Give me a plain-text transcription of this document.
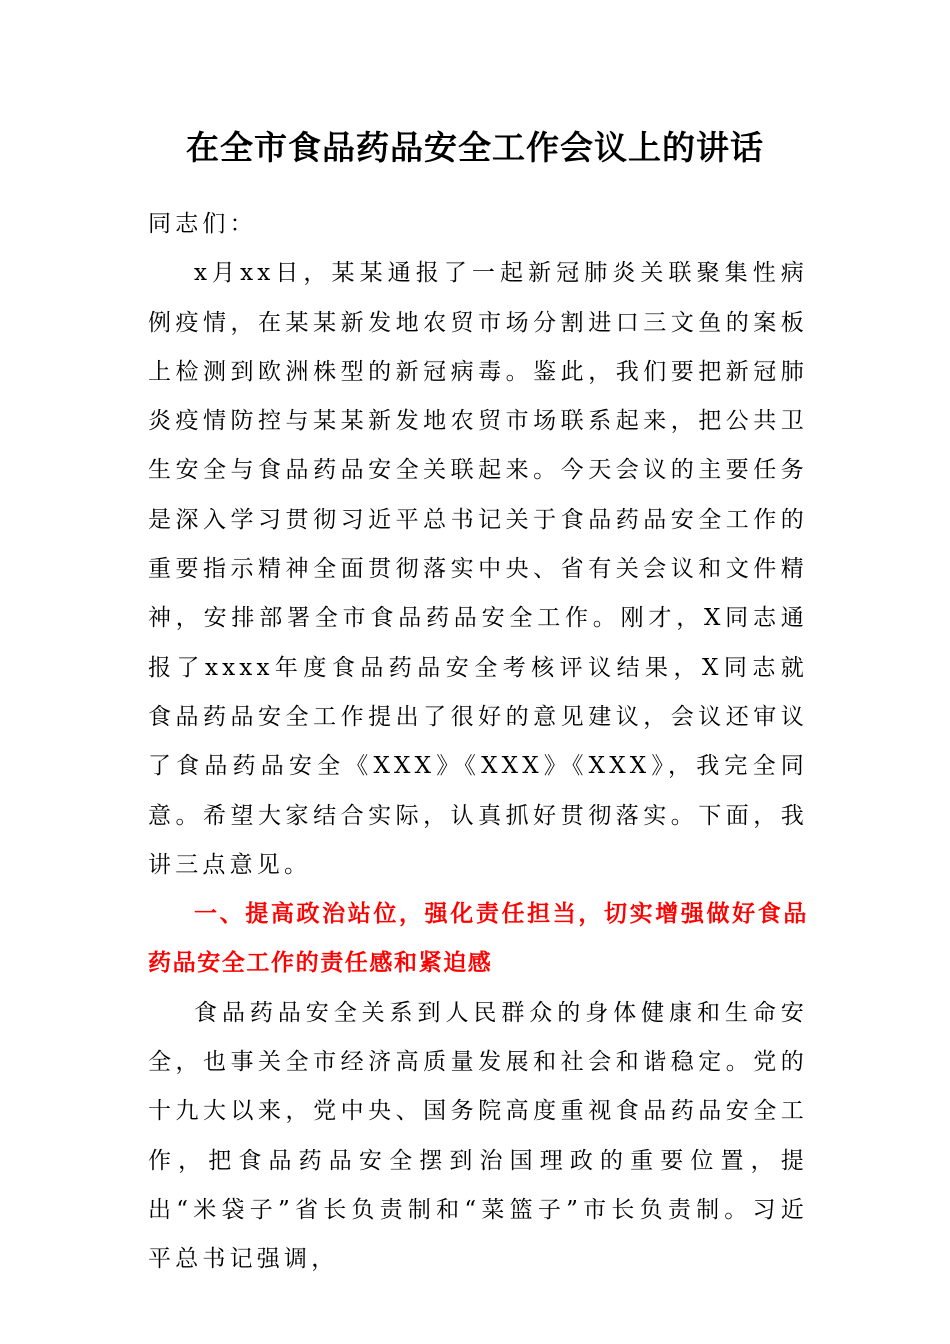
在全市食品药品安全工作会议上的讲话

同志们：

x月xx日，某某通报了一起新冠肺炎关联聚集性病例疫情，在某某新发地农贸市场分割进口三文鱼的案板上检测到欧洲株型的新冠病毒。鉴此，我们要把新冠肺炎疫情防控与某某新发地农贸市场联系起来，把公共卫生安全与食品药品安全关联起来。今天会议的主要任务是深入学习贯彻习近平总书记关于食品药品安全工作的重要指示精神全面贯彻落实中央、省有关会议和文件精神，安排部署全市食品药品安全工作。刚才，X同志通报了xxxx年度食品药品安全考核评议结果，X同志就食品药品安全工作提出了很好的意见建议，会议还审议了食品药品安全《XXX》《XXX》《XXX》，我完全同意。希望大家结合实际，认真抓好贯彻落实。下面，我讲三点意见。

一、提高政治站位，强化责任担当，切实增强做好食品药品安全工作的责任感和紧迫感

食品药品安全关系到人民群众的身体健康和生命安全，也事关全市经济高质量发展和社会和谐稳定。党的十九大以来，党中央、国务院高度重视食品药品安全工作，把食品药品安全摆到治国理政的重要位置，提出“米袋子”省长负责制和“菜篮子”市长负责制。习近平总书记强调，
